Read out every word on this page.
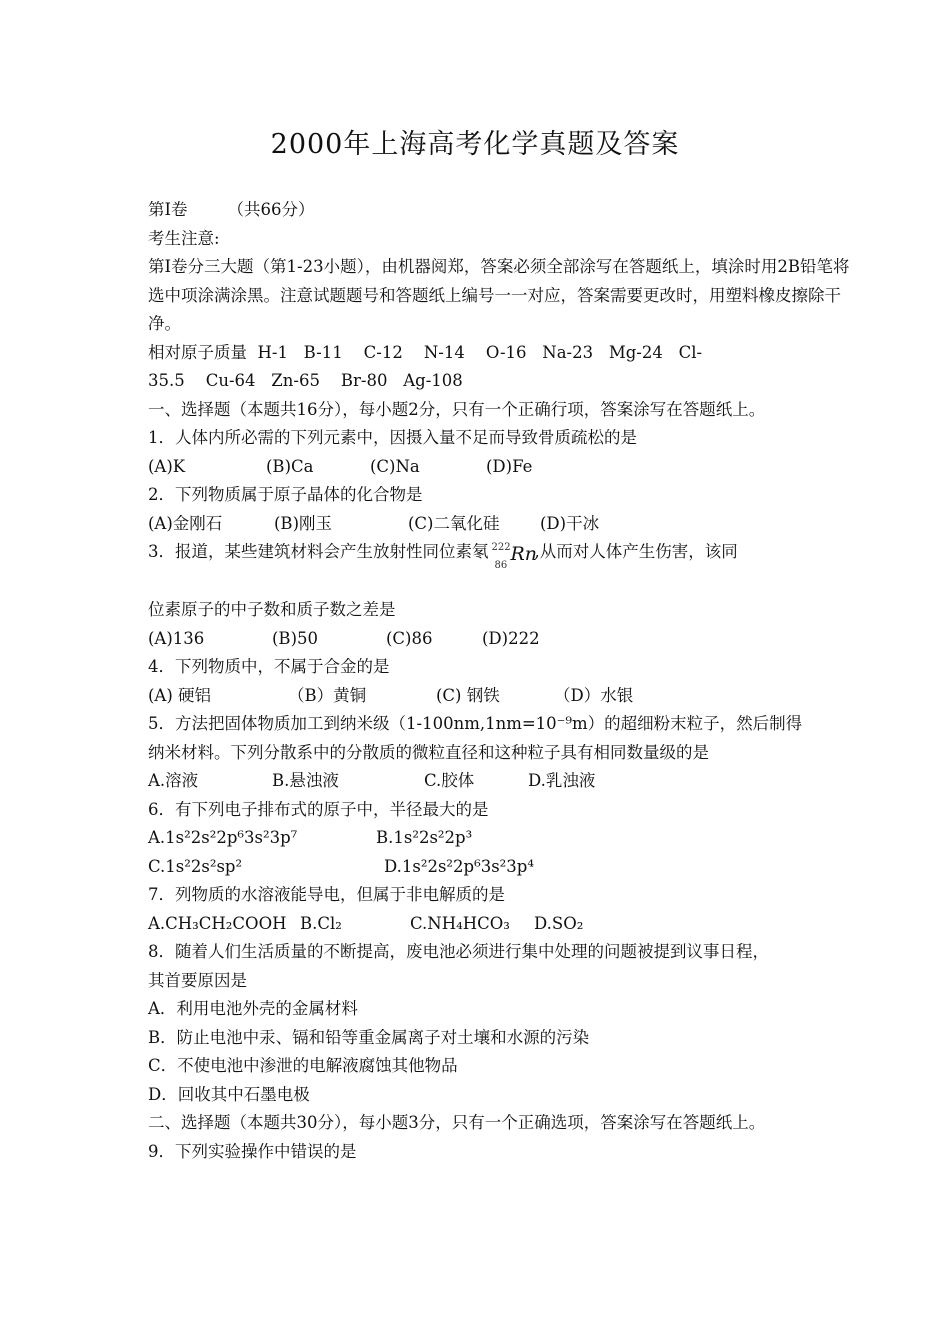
2000年上海高考化学真题及答案
第Ⅰ卷 （共66分）
考生注意:
第Ⅰ卷分三大题（第1-23小题），由机器阅郑，答案必须全部涂写在答题纸上，填涂时用2B铅笔将选中项涂满涂黑。注意试题题号和答题纸上编号一一对应，答案需要更改时，用塑料橡皮擦除干净。
相对原子质量  H-1   B-11    C-12    N-14    O-16   Na-23   Mg-24   Cl-
35.5    Cu-64   Zn-65    Br-80   Ag-108
一、选择题（本题共16分），每小题2分，只有一个正确行项，答案涂写在答题纸上。
1．人体内所必需的下列元素中，因摄入量不足而导致骨质疏松的是
(A)K	(B)Ca	(C)Na	(D)Fe
2．下列物质属于原子晶体的化合物是
(A)金刚石	(B)刚玉	(C)二氧化硅 (D)干冰
3．报道，某些建筑材料会产生放射性同位素氡 222
86
Rn
,从而对人体产生伤害，该同
位素原子的中子数和质子数之差是
(A)136	(B)50	(C)86	(D)222
4．下列物质中，不属于合金的是
(A) 硬铝	（B）黄铜	(C) 钢铁	（D）水银
5．方法把固体物质加工到纳米级（1-100nm,1nm=10⁻⁹m）的超细粉末粒子，然后制得
纳米材料。下列分散系中的分散质的微粒直径和这种粒子具有相同数量级的是
A.溶液	B.悬浊液	C.胶体	D.乳浊液
6．有下列电子排布式的原子中，半径最大的是
A.1s²2s²2p⁶3s²3p⁷	B.1s²2s²2p³
C.1s²2s²sp²	D.1s²2s²2p⁶3s²3p⁴
7．列物质的水溶液能导电，但属于非电解质的是
A.CH₃CH₂COOH B.Cl₂	C.NH₄HCO₃ D.SO₂
8．随着人们生活质量的不断提高，废电池必须进行集中处理的问题被提到议事日程，
其首要原因是
A．利用电池外壳的金属材料
B．防止电池中汞、镉和铅等重金属离子对土壤和水源的污染
C．不使电池中渗泄的电解液腐蚀其他物品
D．回收其中石墨电极
二、选择题（本题共30分），每小题3分，只有一个正确选项，答案涂写在答题纸上。
9．下列实验操作中错误的是
